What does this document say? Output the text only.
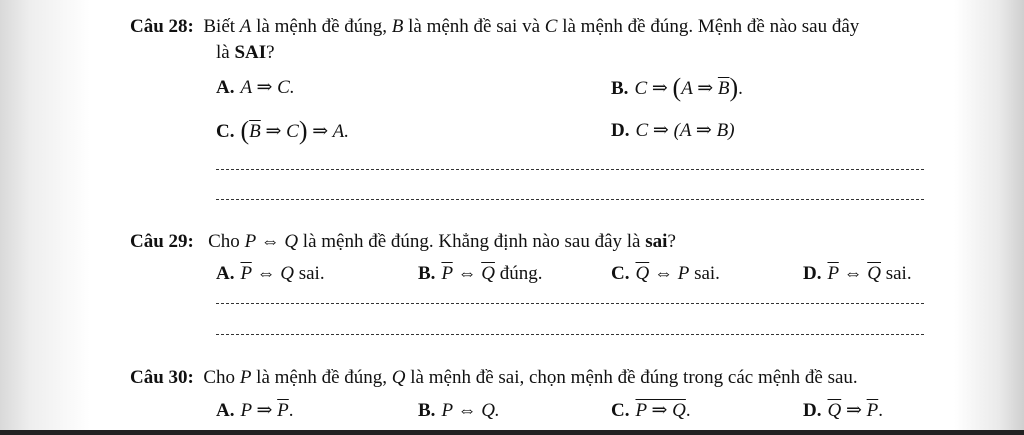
Câu 28: Biết A là mệnh đề đúng, B là mệnh đề sai và C là mệnh đề đúng. Mệnh đề nào sau đây
là SAI?
A. A ⇒ C.	B. C ⇒ (A ⇒ $\overline{B}$).
C. ($\overline{B}$ ⇒ C) ⇒ A.	D. C ⇒ (A ⇒ B)
Câu 29: Cho P ⇔ Q là mệnh đề đúng. Khẳng định nào sau đây là sai?
A. $\overline{P}$ ⇔ Q sai.	B. $\overline{P}$ ⇔ $\overline{Q}$ đúng.	C. $\overline{Q}$ ⇔ P sai.	D. $\overline{P}$ ⇔ $\overline{Q}$ sai.
Câu 30: Cho P là mệnh đề đúng, Q là mệnh đề sai, chọn mệnh đề đúng trong các mệnh đề sau.
A. P ⇒ $\overline{P}$.	B. P ⇔ Q.	C. P ⇒ Q.	D. $\overline{Q}$ ⇒ $\overline{P}$.
